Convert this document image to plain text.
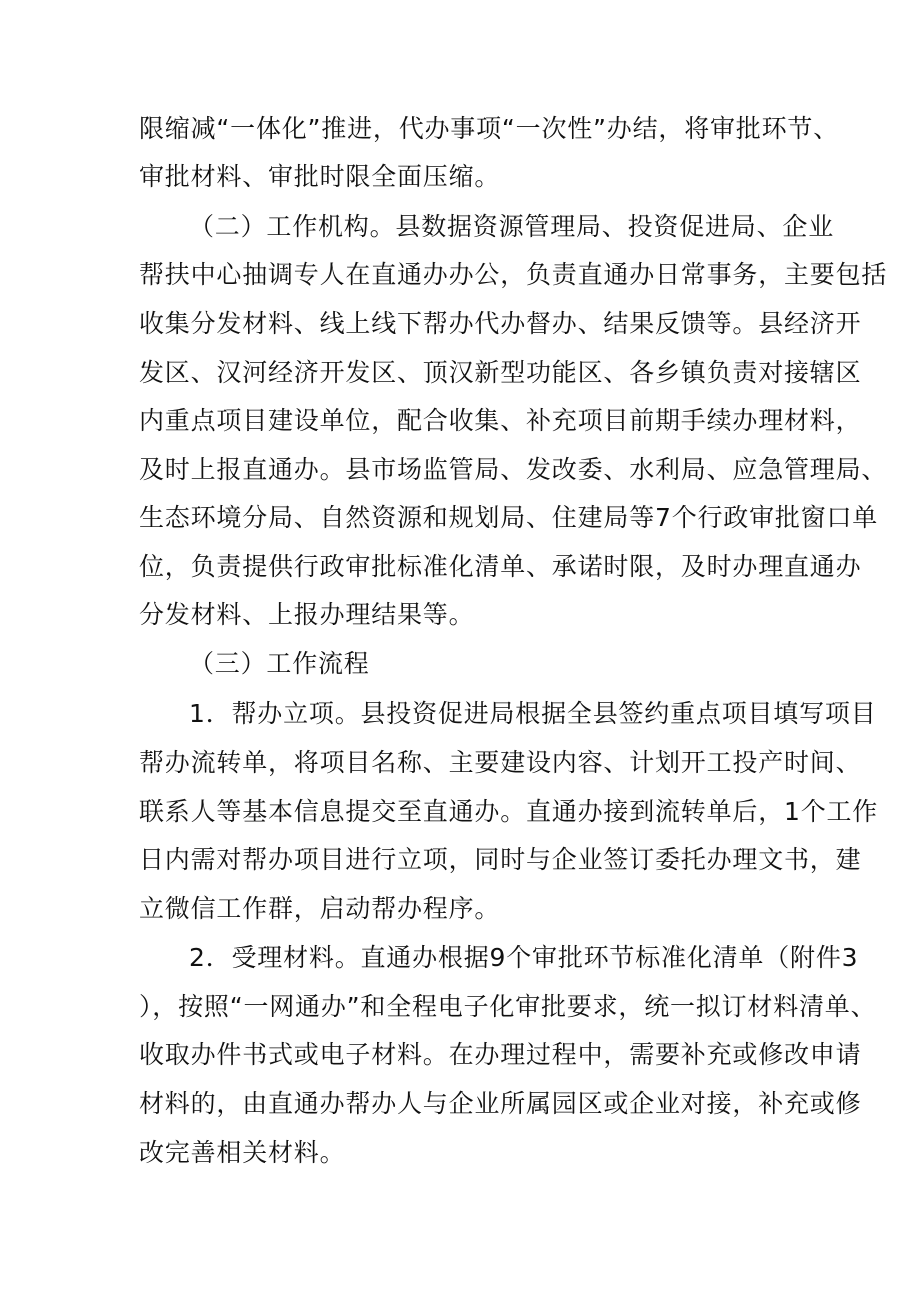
限缩减“一体化”推进，代办事项“一次性”办结，将审批环节、
审批材料、审批时限全面压缩。
（二）工作机构。县数据资源管理局、投资促进局、企业
帮扶中心抽调专人在直通办办公，负责直通办日常事务，主要包括
收集分发材料、线上线下帮办代办督办、结果反馈等。县经济开
发区、汉河经济开发区、顶汉新型功能区、各乡镇负责对接辖区
内重点项目建设单位，配合收集、补充项目前期手续办理材料，
及时上报直通办。县市场监管局、发改委、水利局、应急管理局、
生态环境分局、自然资源和规划局、住建局等7个行政审批窗口单
位，负责提供行政审批标准化清单、承诺时限，及时办理直通办
分发材料、上报办理结果等。
（三）工作流程
1．帮办立项。县投资促进局根据全县签约重点项目填写项目
帮办流转单，将项目名称、主要建设内容、计划开工投产时间、
联系人等基本信息提交至直通办。直通办接到流转单后，1个工作
日内需对帮办项目进行立项，同时与企业签订委托办理文书，建
立微信工作群，启动帮办程序。
2．受理材料。直通办根据9个审批环节标准化清单（附件3
），按照“一网通办”和全程电子化审批要求，统一拟订材料清单、
收取办件书式或电子材料。在办理过程中，需要补充或修改申请
材料的，由直通办帮办人与企业所属园区或企业对接，补充或修
改完善相关材料。
